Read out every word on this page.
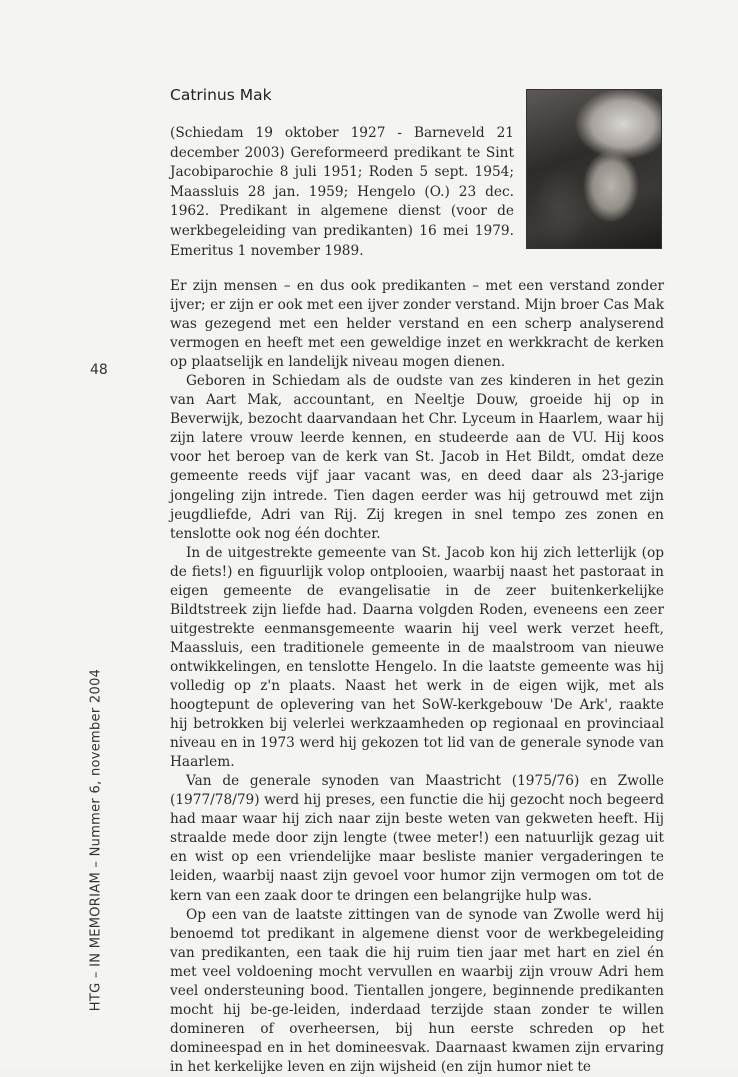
Catrinus Mak

(Schiedam 19 oktober 1927 - Barneveld 21 december 2003) Gereformeerd predikant te Sint Jacobiparochie 8 juli 1951; Roden 5 sept. 1954; Maassluis 28 jan. 1959; Hengelo (O.) 23 dec. 1962. Predikant in algemene dienst (voor de werkbegeleiding van predikanten) 16 mei 1979. Emeritus 1 november 1989.

Er zijn mensen – en dus ook predikanten – met een verstand zonder ijver; er zijn er ook met een ijver zonder verstand. Mijn broer Cas Mak was gezegend met een helder verstand en een scherp analyserend vermogen en heeft met een geweldige inzet en werkkracht de kerken op plaatselijk en landelijk niveau mogen dienen.

Geboren in Schiedam als de oudste van zes kinderen in het gezin van Aart Mak, accountant, en Neeltje Douw, groeide hij op in Beverwijk, bezocht daarvandaan het Chr. Lyceum in Haarlem, waar hij zijn latere vrouw leerde kennen, en studeerde aan de VU. Hij koos voor het beroep van de kerk van St. Jacob in Het Bildt, omdat deze gemeente reeds vijf jaar vacant was, en deed daar als 23-jarige jongeling zijn intrede. Tien dagen eerder was hij getrouwd met zijn jeugdliefde, Adri van Rij. Zij kregen in snel tempo zes zonen en tenslotte ook nog één dochter.

In de uitgestrekte gemeente van St. Jacob kon hij zich letterlijk (op de fiets!) en figuurlijk volop ontplooien, waarbij naast het pastoraat in eigen gemeente de evangelisatie in de zeer buitenkerkelijke Bildtstreek zijn liefde had. Daarna volgden Roden, eveneens een zeer uitgestrekte eenmansgemeente waarin hij veel werk verzet heeft, Maassluis, een traditionele gemeente in de maalstroom van nieuwe ontwikkelingen, en tenslotte Hengelo. In die laatste gemeente was hij volledig op z'n plaats. Naast het werk in de eigen wijk, met als hoogtepunt de oplevering van het SoW-kerkgebouw 'De Ark', raakte hij betrokken bij velerlei werkzaamheden op regionaal en provinciaal niveau en in 1973 werd hij gekozen tot lid van de generale synode van Haarlem.

Van de generale synoden van Maastricht (1975/76) en Zwolle (1977/78/79) werd hij preses, een functie die hij gezocht noch begeerd had maar waar hij zich naar zijn beste weten van gekweten heeft. Hij straalde mede door zijn lengte (twee meter!) een natuurlijk gezag uit en wist op een vriendelijke maar besliste manier vergaderingen te leiden, waarbij naast zijn gevoel voor humor zijn vermogen om tot de kern van een zaak door te dringen een belangrijke hulp was.

Op een van de laatste zittingen van de synode van Zwolle werd hij benoemd tot predikant in algemene dienst voor de werkbegeleiding van predikanten, een taak die hij ruim tien jaar met hart en ziel én met veel voldoening mocht vervullen en waarbij zijn vrouw Adri hem veel ondersteuning bood. Tientallen jongere, beginnende predikanten mocht hij be-ge-leiden, inderdaad terzijde staan zonder te willen domineren of overheersen, bij hun eerste schreden op het domineespad en in het domineesvak. Daarnaast kwamen zijn ervaring in het kerkelijke leven en zijn wijsheid (en zijn humor niet te

48
HTG – IN MEMORIAM – Nummer 6, november 2004
